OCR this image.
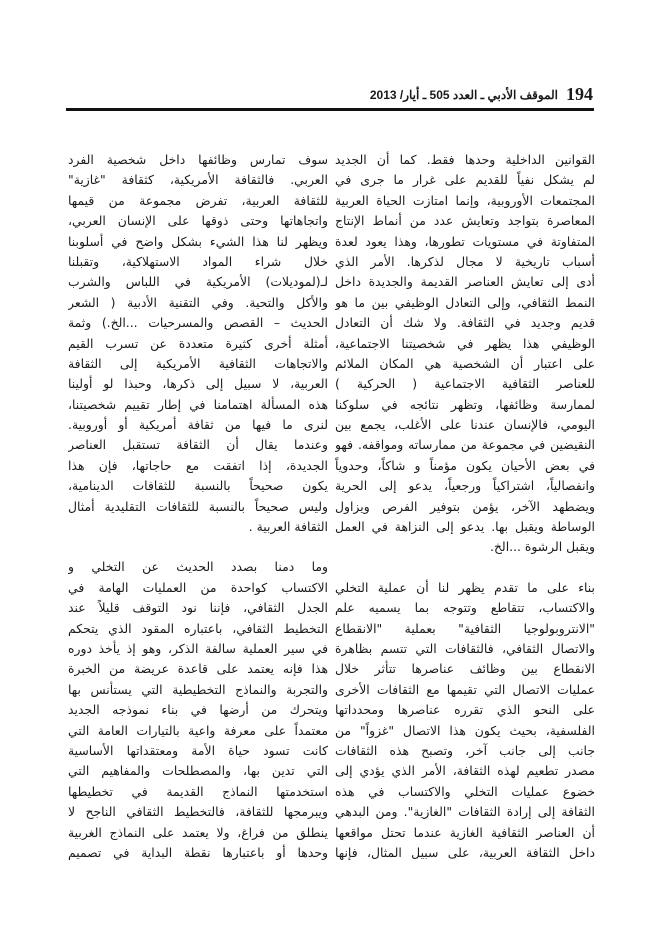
194
الموقف الأدبي ـ العدد 505 ـ أيار/ 2013
القوانين الداخلية وحدها فقط. كما أن الجديد
لم يشكل نفياً للقديم على غرار ما جرى في
المجتمعات الأوروبية، وإنما امتازت الحياة العربية
المعاصرة بتواجد وتعايش عدد من أنماط الإنتاج
المتفاوتة في مستويات تطورها، وهذا يعود لعدة
أسباب تاريخية لا مجال لذكرها. الأمر الذي
أدى إلى تعايش العناصر القديمة والجديدة داخل
النمط الثقافي، وإلى التعادل الوظيفي بين ما هو
قديم وجديد في الثقافة. ولا شك أن التعادل
الوظيفي هذا يظهر في شخصيتنا الاجتماعية،
على اعتبار أن الشخصية هي المكان الملائم
للعناصر الثقافية الاجتماعية ( الحركية )
لممارسة وظائفها، وتظهر نتائجه في سلوكنا
اليومي، فالإنسان عندنا على الأغلب، يجمع بين
النقيضين في مجموعة من ممارساته ومواقفه. فهو
في بعض الأحيان يكون مؤمناً و شاكاً، وحدوياً
وانفصالياً، اشتراكياً ورجعياً، يدعو إلى الحرية
ويضطهد الآخر، يؤمن بتوفير الفرص ويزاول
الوساطة ويقبل بها. يدعو إلى النزاهة في العمل
ويقبل الرشوة ...الخ.
بناء على ما تقدم يظهر لنا أن عملية التخلي
والاكتساب، تتقاطع وتتوجه بما يسميه علم
"الانتروبولوجيا الثقافية" بعملية "الانقطاع
والاتصال الثقافي، فالثقافات التي تتسم بظاهرة
الانقطاع بين وظائف عناصرها تتأثر خلال
عمليات الاتصال التي تقيمها مع الثقافات الأخرى
على النحو الذي تقرره عناصرها ومحدداتها
الفلسفية، بحيث يكون هذا الاتصال "غزواً" من
جانب إلى جانب آخر، وتصبح هذه الثقافات
مصدر تطعيم لهذه الثقافة، الأمر الذي يؤدي إلى
خضوع عمليات التخلي والاكتساب في هذه
الثقافة إلى إرادة الثقافات "الغازية". ومن البدهي
أن العناصر الثقافية الغازية عندما تحتل مواقعها
داخل الثقافة العربية، على سبيل المثال، فإنها
سوف تمارس وظائفها داخل شخصية الفرد
العربي. فالثقافة الأمريكية، كثقافة "غازية"
للثقافة العربية، تفرض مجموعة من قيمها
واتجاهاتها وحتى ذوقها على الإنسان العربي،
ويظهر لنا هذا الشيء بشكل واضح في أسلوبنا
خلال شراء المواد الاستهلاكية، وتقبلنا
لـ(لموديلات) الأمريكية في اللباس والشرب
والأكل والتحية. وفي التقنية الأدبية ( الشعر
الحديث – القصص والمسرحيات ...الخ.) وثمة
أمثلة أخرى كثيرة متعددة عن تسرب القيم
والاتجاهات الثقافية الأمريكية إلى الثقافة
العربية، لا سبيل إلى ذكرها، وحبذا لو أولينا
هذه المسألة اهتمامنا في إطار تقييم شخصيتنا،
لنرى ما فيها من ثقافة أمريكية أو أوروبية.
وعندما يقال أن الثقافة تستقبل العناصر
الجديدة، إذا اتفقت مع حاجاتها، فإن هذا
يكون صحيحاً بالنسبة للثقافات الدينامية،
وليس صحيحاً بالنسبة للثقافات التقليدية أمثال
الثقافة العربية .
وما دمنا بصدد الحديث عن التخلي و
الاكتساب كواحدة من العمليات الهامة في
الجدل الثقافي، فإننا نود التوقف قليلاً عند
التخطيط الثقافي، باعتباره المقود الذي يتحكم
في سير العملية سالفة الذكر، وهو إذ يأخذ دوره
هذا فإنه يعتمد على قاعدة عريضة من الخبرة
والتجربة والنماذج التخطيطية التي يستأنس بها
ويتحرك من أرضها في بناء نموذجه الجديد
معتمداً على معرفة واعية بالتيارات العامة التي
كانت تسود حياة الأمة ومعتقداتها الأساسية
التي تدين بها، والمصطلحات والمفاهيم التي
استخدمتها النماذج القديمة في تخطيطها
ويبرمجها للثقافة، فالتخطيط الثقافي الناجح لا
ينطلق من فراغ، ولا يعتمد على النماذج الغربية
وحدها أو باعتبارها نقطة البداية في تصميم
